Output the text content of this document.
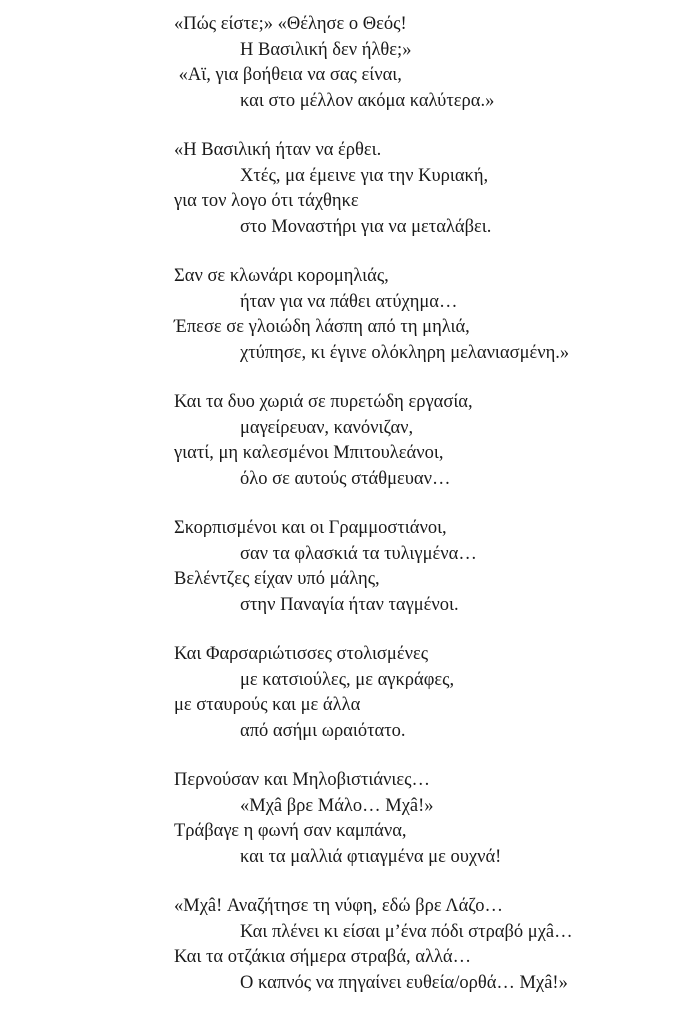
«Πώς είστε;» «Θέλησε ο Θεός!
Η Βασιλική δεν ήλθε;»
«Αϊ, για βοήθεια να σας είναι,
και στο μέλλον ακόμα καλύτερα.»
«Η Βασιλική ήταν να έρθει.
Χτές, μα έμεινε για την Κυριακή,
για τον λογο ότι τάχθηκε
στο Μοναστήρι για να μεταλάβει.
Σαν σε κλωνάρι κορομηλιάς,
ήταν για να πάθει ατύχημα…
Έπεσε σε γλοιώδη λάσπη από τη μηλιά,
χτύπησε, κι έγινε ολόκληρη μελανιασμένη.»
Και τα δυο χωριά σε πυρετώδη εργασία,
μαγείρευαν, κανόνιζαν,
γιατί, μη καλεσμένοι Μπιτουλεάνοι,
όλο σε αυτούς στάθμευαν…
Σκορπισμένοι και οι Γραμμοστιάνοι,
σαν τα φλασκιά τα τυλιγμένα…
Βελέντζες είχαν υπό μάλης,
στην Παναγία ήταν ταγμένοι.
Και Φαρσαριώτισσες στολισμένες
με κατσιούλες, με αγκράφες,
με σταυρούς και με άλλα
από ασήμι ωραιότατο.
Περνούσαν και Μηλοβιστιάνιες…
«Μχâ βρε Μάλο… Μχâ!»
Τράβαγε η φωνή σαν καμπάνα,
και τα μαλλιά φτιαγμένα με ουχνά!
«Μχâ! Αναζήτησε τη νύφη, εδώ βρε Λάζο…
Και πλένει κι είσαι μ’ένα πόδι στραβό μχâ…
Και τα οτζάκια σήμερα στραβά, αλλά…
Ο καπνός να πηγαίνει ευθεία/ορθά… Μχâ!»
